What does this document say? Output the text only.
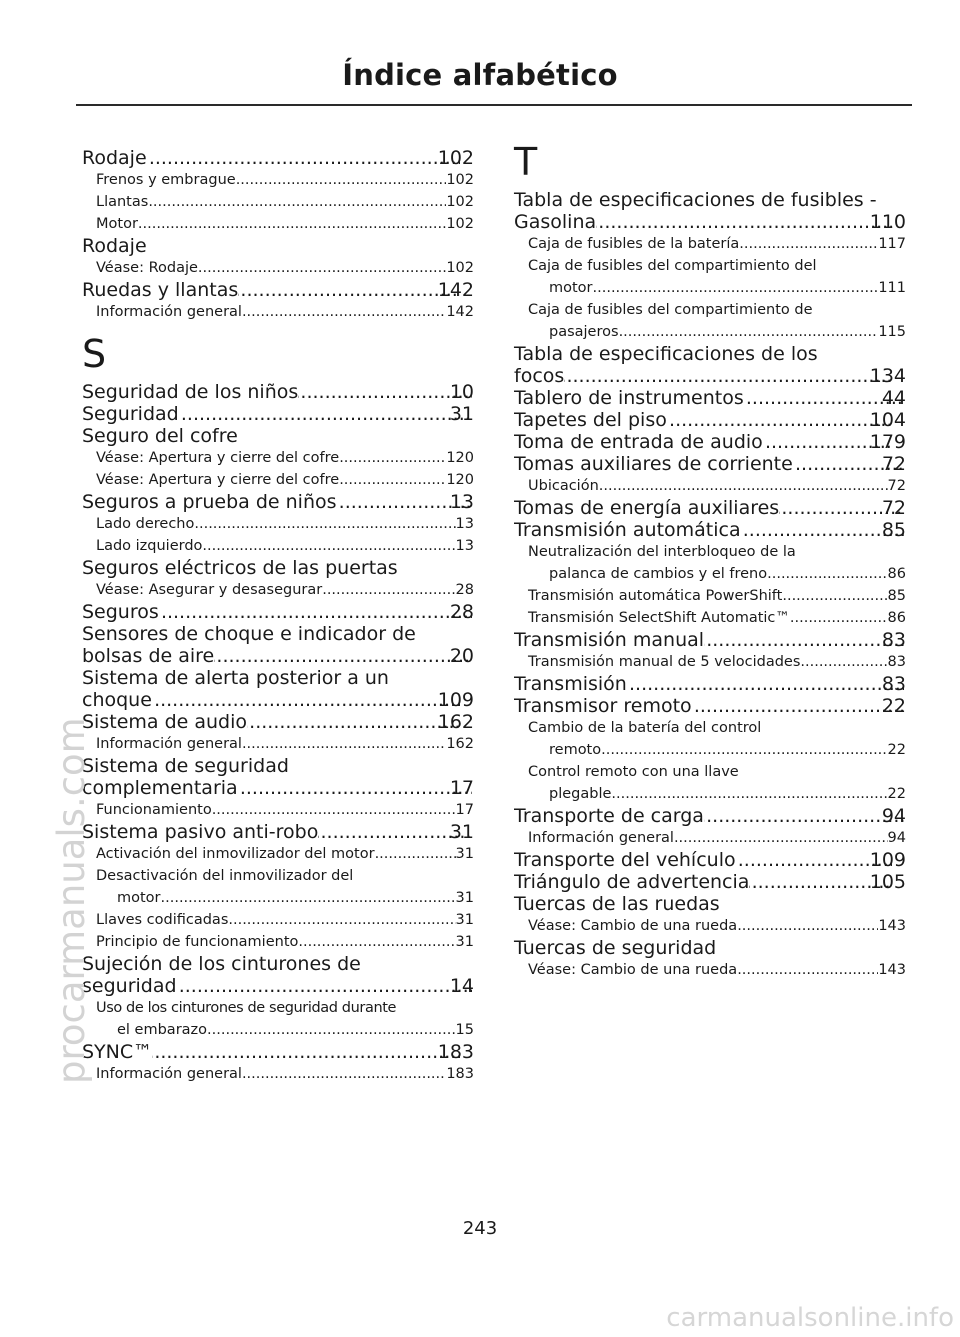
Índice alfabético
Rodaje .....	102
Frenos y embrague .....	102
Llantas .....	102
Motor .....	102
Rodaje
Véase: Rodaje .....	102
Ruedas y llantas .....	142
Información general .....	142
S
Seguridad de los niños .....	10
Seguridad .....	31
Seguro del cofre
Véase: Apertura y cierre del cofre .....	120
Véase: Apertura y cierre del cofre .....	120
Seguros a prueba de niños .....	13
Lado derecho .....	13
Lado izquierdo .....	13
Seguros eléctricos de las puertas
Véase: Asegurar y desasegurar .....	28
Seguros .....	28
Sensores de choque e indicador de
bolsas de aire .....	20
Sistema de alerta posterior a un
choque .....	109
Sistema de audio .....	162
Información general .....	162
Sistema de seguridad
complementaria .....	17
Funcionamiento .....	17
Sistema pasivo anti-robo .....	31
Activación del inmovilizador del motor .....	31
Desactivación del inmovilizador del
motor .....	31
Llaves codificadas .....	31
Principio de funcionamiento .....	31
Sujeción de los cinturones de
seguridad .....	14
Uso de los cinturones de seguridad durante
el embarazo .....	15
SYNC™ .....	183
Información general .....	183
T
Tabla de especificaciones de fusibles -
Gasolina .....	110
Caja de fusibles de la batería .....	117
Caja de fusibles del compartimiento del
motor .....	111
Caja de fusibles del compartimiento de
pasajeros .....	115
Tabla de especificaciones de los
focos .....	134
Tablero de instrumentos .....	44
Tapetes del piso .....	104
Toma de entrada de audio .....	179
Tomas auxiliares de corriente .....	72
Ubicación .....	72
Tomas de energía auxiliares .....	72
Transmisión automática .....	85
Neutralización del interbloqueo de la
palanca de cambios y el freno .....	86
Transmisión automática PowerShift .....	85
Transmisión SelectShift Automatic™ .....	86
Transmisión manual .....	83
Transmisión manual de 5 velocidades .....	83
Transmisión .....	83
Transmisor remoto .....	22
Cambio de la batería del control
remoto .....	22
Control remoto con una llave
plegable .....	22
Transporte de carga .....	94
Información general .....	94
Transporte del vehículo .....	109
Triángulo de advertencia .....	105
Tuercas de las ruedas
Véase: Cambio de una rueda .....	143
Tuercas de seguridad
Véase: Cambio de una rueda .....	143
243
procarmanuals.com
carmanualsonline.info
